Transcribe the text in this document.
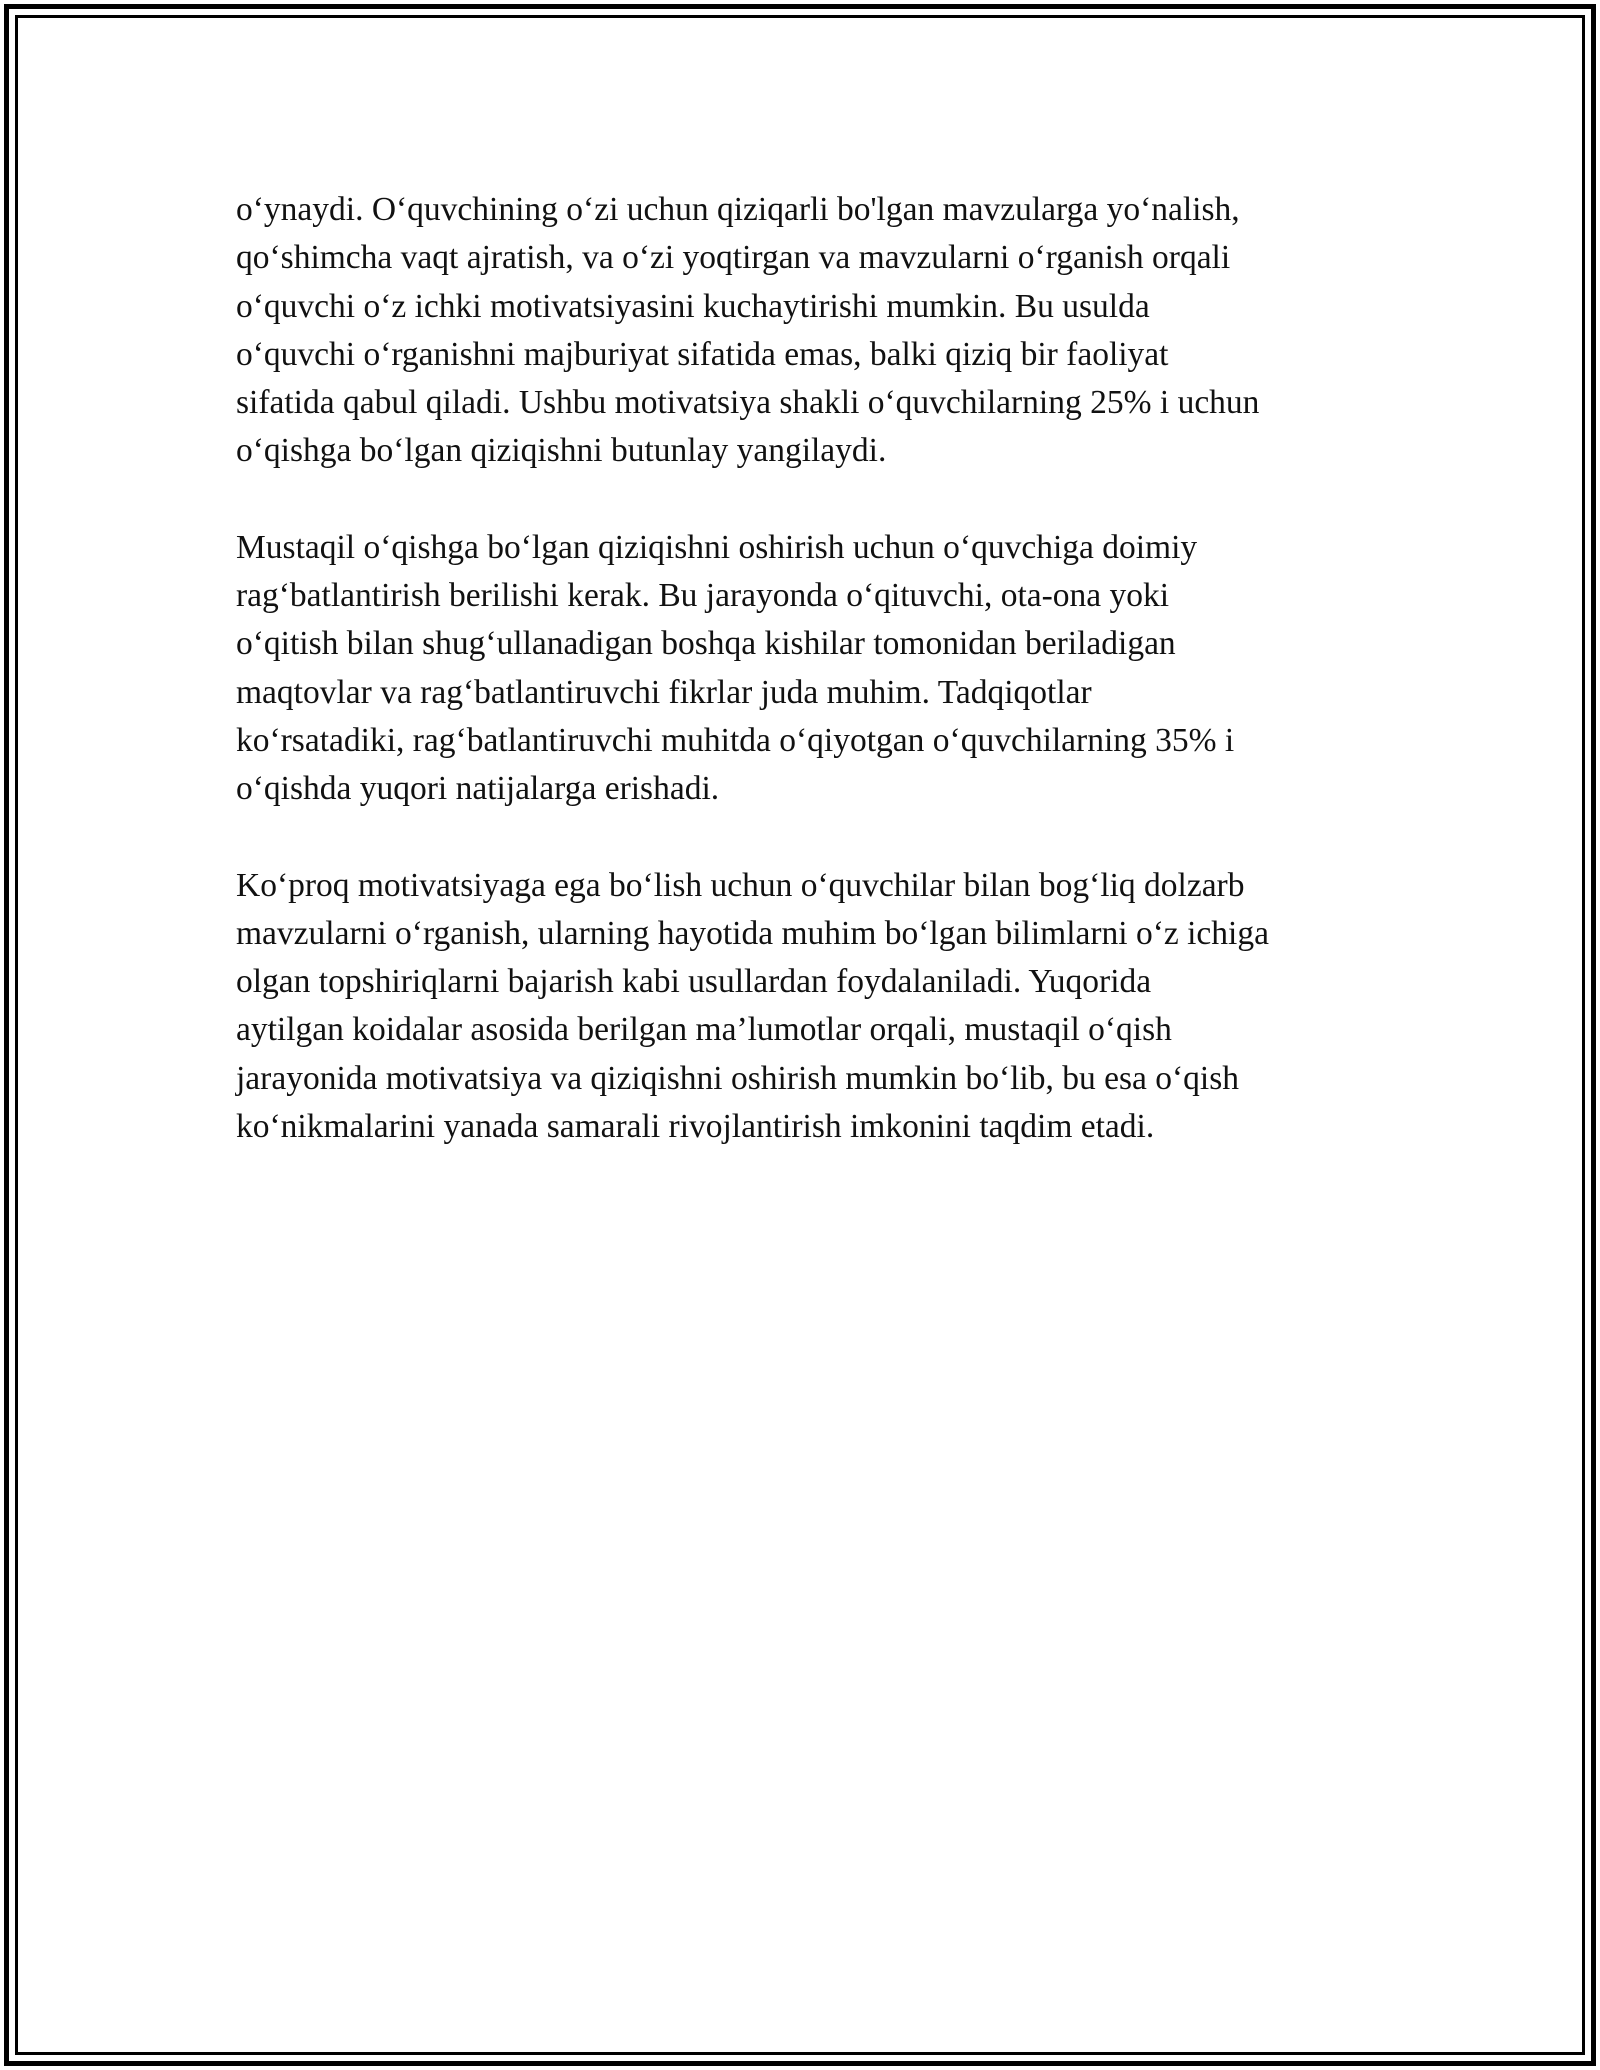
o‘ynaydi. O‘quvchining o‘zi uchun qiziqarli bo'lgan mavzularga yo‘nalish,
qo‘shimcha vaqt ajratish, va o‘zi yoqtirgan va mavzularni o‘rganish orqali
o‘quvchi o‘z ichki motivatsiyasini kuchaytirishi mumkin. Bu usulda
o‘quvchi o‘rganishni majburiyat sifatida emas, balki qiziq bir faoliyat
sifatida qabul qiladi. Ushbu motivatsiya shakli o‘quvchilarning 25% i uchun
o‘qishga bo‘lgan qiziqishni butunlay yangilaydi.

Mustaqil o‘qishga bo‘lgan qiziqishni oshirish uchun o‘quvchiga doimiy
rag‘batlantirish berilishi kerak. Bu jarayonda o‘qituvchi, ota-ona yoki
o‘qitish bilan shug‘ullanadigan boshqa kishilar tomonidan beriladigan
maqtovlar va rag‘batlantiruvchi fikrlar juda muhim. Tadqiqotlar
ko‘rsatadiki, rag‘batlantiruvchi muhitda o‘qiyotgan o‘quvchilarning 35% i
o‘qishda yuqori natijalarga erishadi.

Ko‘proq motivatsiyaga ega bo‘lish uchun o‘quvchilar bilan bog‘liq dolzarb
mavzularni o‘rganish, ularning hayotida muhim bo‘lgan bilimlarni o‘z ichiga
olgan topshiriqlarni bajarish kabi usullardan foydalaniladi. Yuqorida
aytilgan koidalar asosida berilgan ma’lumotlar orqali, mustaqil o‘qish
jarayonida motivatsiya va qiziqishni oshirish mumkin bo‘lib, bu esa o‘qish
ko‘nikmalarini yanada samarali rivojlantirish imkonini taqdim etadi.
